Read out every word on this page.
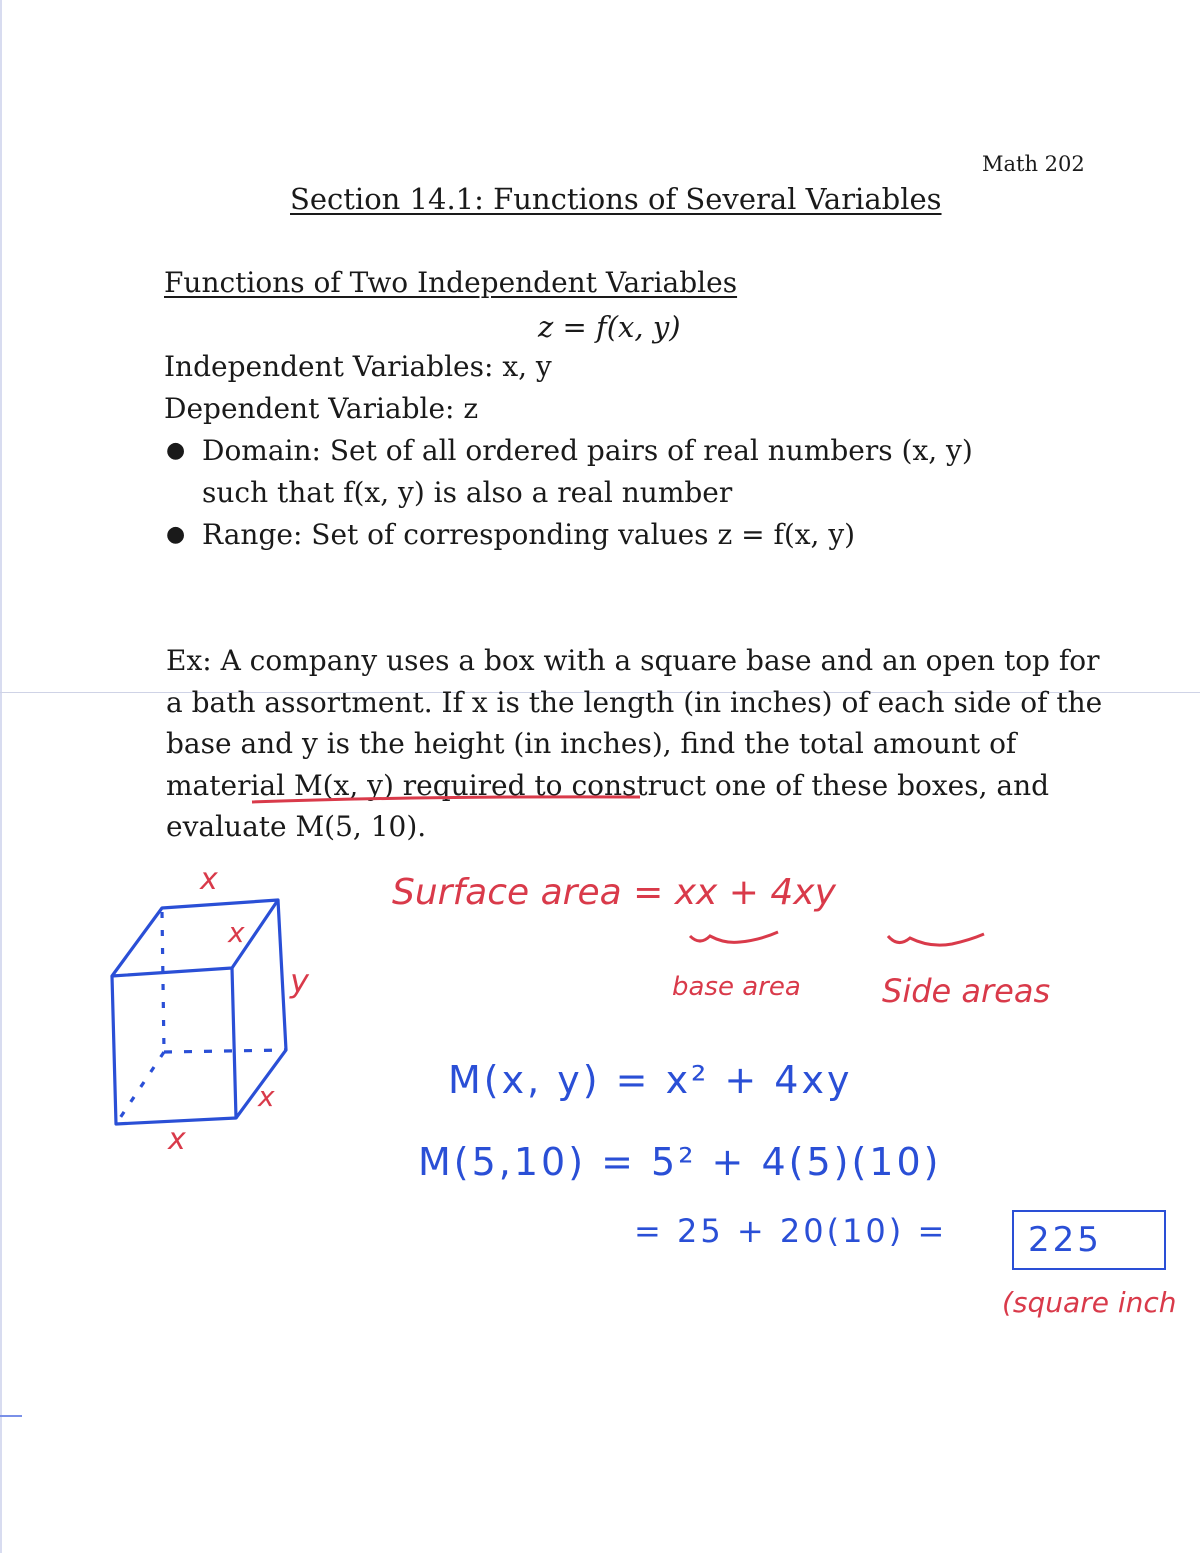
Math 202
Section 14.1: Functions of Several Variables
Functions of Two Independent Variables
z = f(x, y)
Independent Variables: x, y
Dependent Variable: z
● Domain: Set of all ordered pairs of real numbers (x, y)
such that f(x, y) is also a real number
● Range: Set of corresponding values z = f(x, y)

Ex: A company uses a box with a square base and an open top for a bath assortment. If x is the length (in inches) of each side of the base and y is the height (in inches), find the total amount of material M(x, y) required to construct one of these boxes, and evaluate M(5, 10).

x
x
y
x
x
Surface area = xx + 4xy
base area	Side areas
M(x, y) = x² + 4xy
M(5,10) = 5² + 4(5)(10)
= 25 + 20(10) = 225
(square inch
